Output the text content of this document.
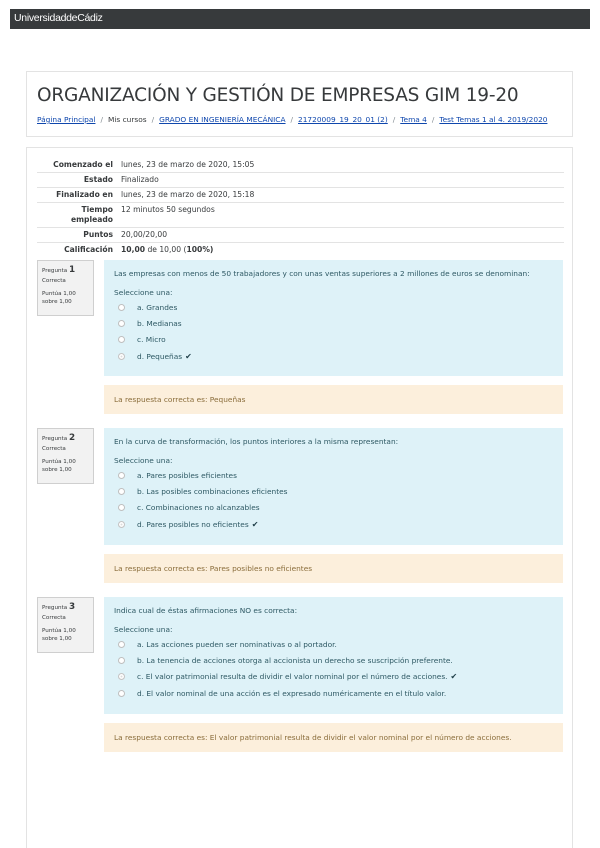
UniversidaddeCádiz
ORGANIZACIÓN Y GESTIÓN DE EMPRESAS GIM 19-20
Página Principal / Mis cursos / GRADO EN INGENIERÍA MECÁNICA / 21720009_19_20_01 (2) / Tema 4 / Test Temas 1 al 4. 2019/2020
Comenzado el	lunes, 23 de marzo de 2020, 15:05
Estado	Finalizado
Finalizado en	lunes, 23 de marzo de 2020, 15:18
Tiempo empleado	12 minutos 50 segundos
Puntos	20,00/20,00
Calificación	10,00 de 10,00 (100%)
Pregunta 1
Correcta
Puntúa 1,00 sobre 1,00
Las empresas con menos de 50 trabajadores y con unas ventas superiores a 2 millones de euros se denominan:
Seleccione una:
a. Grandes
b. Medianas
c. Micro
d. Pequeñas ✔
La respuesta correcta es: Pequeñas
Pregunta 2
Correcta
Puntúa 1,00 sobre 1,00
En la curva de transformación, los puntos interiores a la misma representan:
Seleccione una:
a. Pares posibles eficientes
b. Las posibles combinaciones eficientes
c. Combinaciones no alcanzables
d. Pares posibles no eficientes ✔
La respuesta correcta es: Pares posibles no eficientes
Pregunta 3
Correcta
Puntúa 1,00 sobre 1,00
Indica cual de éstas afirmaciones NO es correcta:
Seleccione una:
a. Las acciones pueden ser nominativas o al portador.
b. La tenencia de acciones otorga al accionista un derecho se suscripción preferente.
c. El valor patrimonial resulta de dividir el valor nominal por el número de acciones. ✔
d. El valor nominal de una acción es el expresado numéricamente en el título valor.
La respuesta correcta es: El valor patrimonial resulta de dividir el valor nominal por el número de acciones.
